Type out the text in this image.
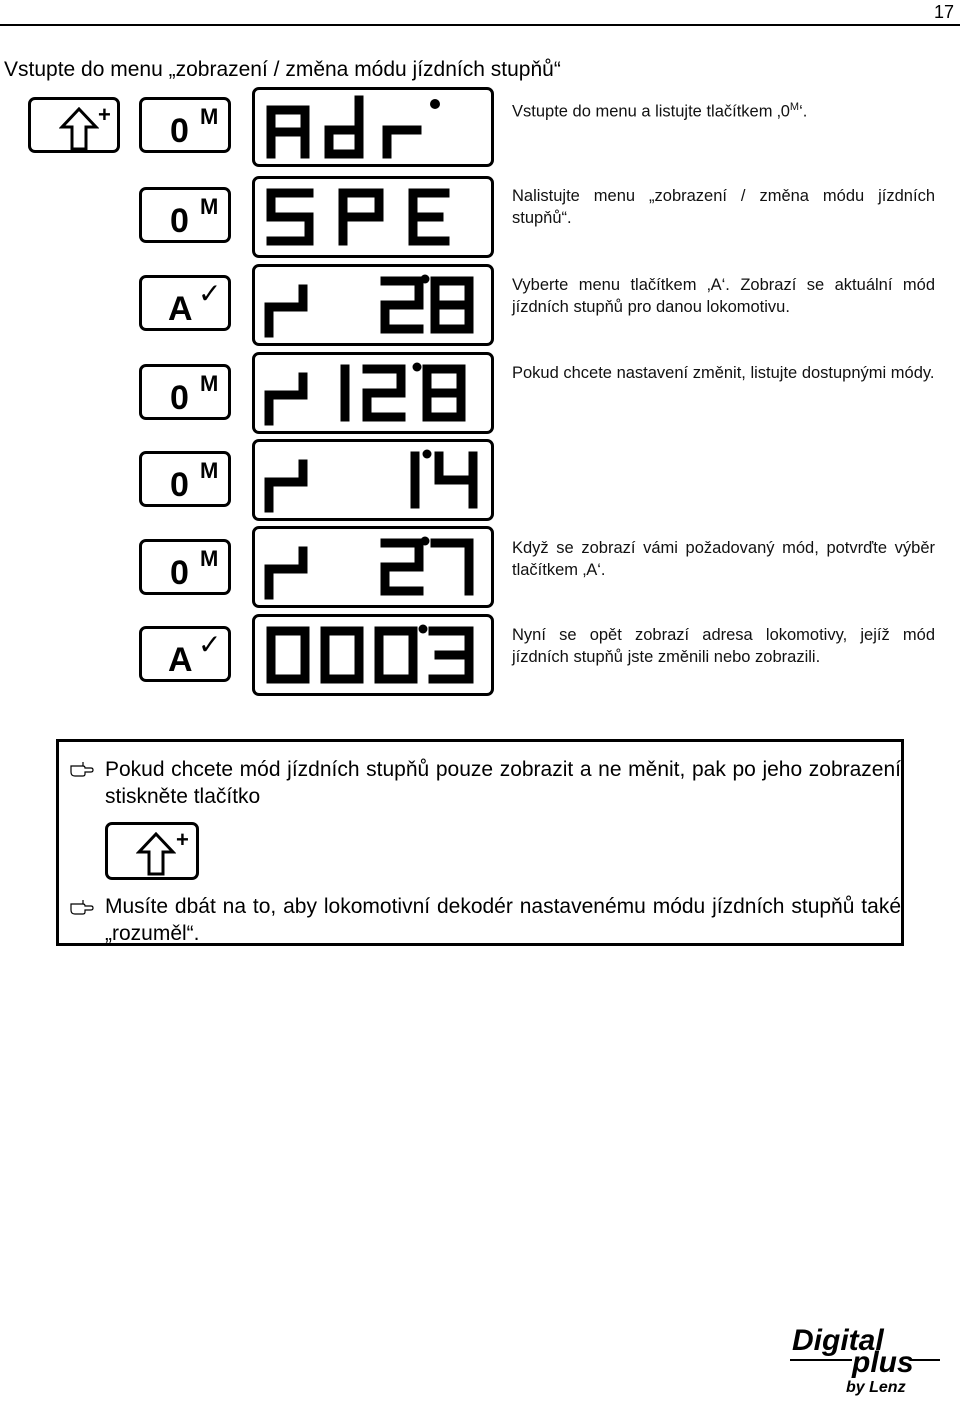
17
Vstupte do menu „zobrazení / změna módu jízdních stupňů“
+ 0 M	Vstupte do menu a listujte tlačítkem $‚0^M‘$.
0 M	Nalistujte menu „zobrazení / změna módu jízdních stupňů“.
A ✓	Vyberte menu tlačítkem ‚A‘. Zobrazí se aktuální mód jízdních stupňů pro danou lokomotivu.
0 M	Pokud chcete nastavení změnit, listujte dostupnými módy.
0 M
0 M	Když se zobrazí vámi požadovaný mód, potvrďte výběr tlačítkem ‚A‘.
A ✓	Nyní se opět zobrazí adresa lokomotivy, jejíž mód jízdních stupňů jste změnili nebo zobrazili.
Pokud chcete mód jízdních stupňů pouze zobrazit a ne měnit, pak po jeho zobrazení stiskněte tlačítko
+
Musíte dbát na to, aby lokomotivní dekodér nastavenému módu jízdních stupňů také „rozuměl“.
Digital
plus
by Lenz
